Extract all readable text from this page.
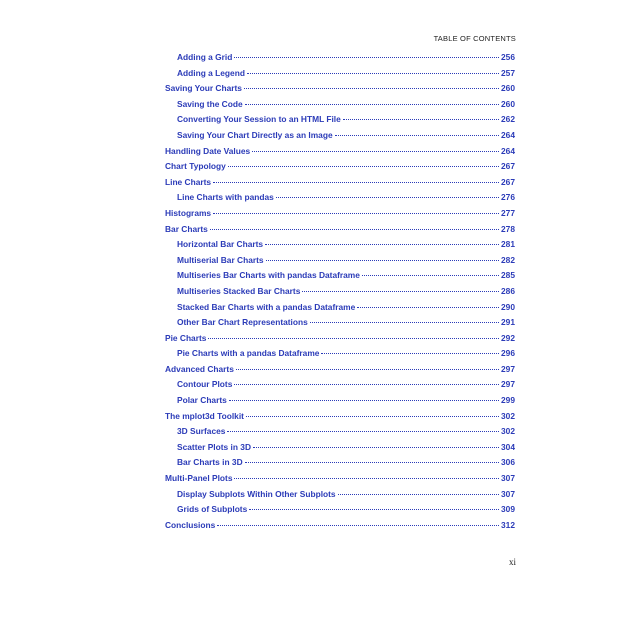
TABLE OF CONTENTS
Adding a Grid	256
Adding a Legend	257
Saving Your Charts	260
Saving the Code	260
Converting Your Session to an HTML File	262
Saving Your Chart Directly as an Image	264
Handling Date Values	264
Chart Typology	267
Line Charts	267
Line Charts with pandas	276
Histograms	277
Bar Charts	278
Horizontal Bar Charts	281
Multiserial Bar Charts	282
Multiseries Bar Charts with pandas Dataframe	285
Multiseries Stacked Bar Charts	286
Stacked Bar Charts with a pandas Dataframe	290
Other Bar Chart Representations	291
Pie Charts	292
Pie Charts with a pandas Dataframe	296
Advanced Charts	297
Contour Plots	297
Polar Charts	299
The mplot3d Toolkit	302
3D Surfaces	302
Scatter Plots in 3D	304
Bar Charts in 3D	306
Multi-Panel Plots	307
Display Subplots Within Other Subplots	307
Grids of Subplots	309
Conclusions	312
xi
